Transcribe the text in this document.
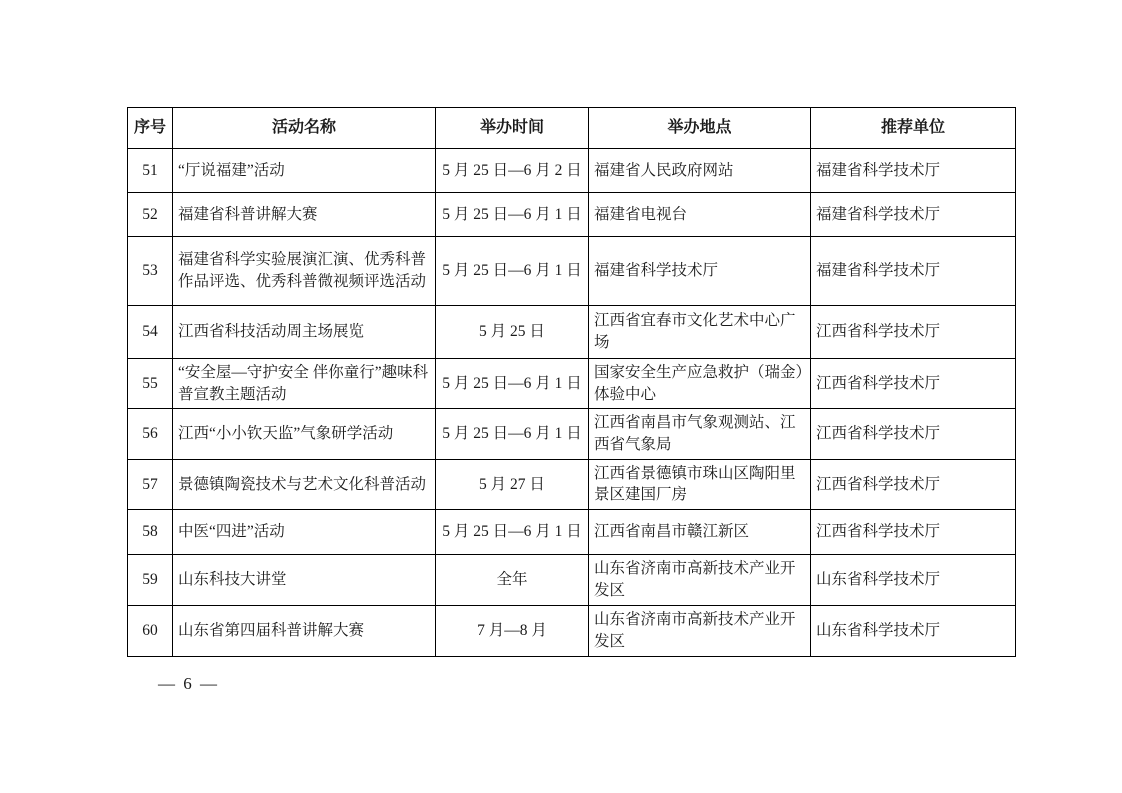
序号	活动名称	举办时间	举办地点	推荐单位
51	“厅说福建”活动	5 月 25 日—6 月 2 日	福建省人民政府网站	福建省科学技术厅
52	福建省科普讲解大赛	5 月 25 日—6 月 1 日	福建省电视台	福建省科学技术厅
53	福建省科学实验展演汇演、优秀科普作品评选、优秀科普微视频评选活动	5 月 25 日—6 月 1 日	福建省科学技术厅	福建省科学技术厅
54	江西省科技活动周主场展览	5 月 25 日	江西省宜春市文化艺术中心广场	江西省科学技术厅
55	“安全屋—守护安全 伴你童行”趣味科普宣教主题活动	5 月 25 日—6 月 1 日	国家安全生产应急救护（瑞金）体验中心	江西省科学技术厅
56	江西“小小钦天监”气象研学活动	5 月 25 日—6 月 1 日	江西省南昌市气象观测站、江西省气象局	江西省科学技术厅
57	景德镇陶瓷技术与艺术文化科普活动	5 月 27 日	江西省景德镇市珠山区陶阳里景区建国厂房	江西省科学技术厅
58	中医“四进”活动	5 月 25 日—6 月 1 日	江西省南昌市赣江新区	江西省科学技术厅
59	山东科技大讲堂	全年	山东省济南市高新技术产业开发区	山东省科学技术厅
60	山东省第四届科普讲解大赛	7 月—8 月	山东省济南市高新技术产业开发区	山东省科学技术厅
— 6 —
